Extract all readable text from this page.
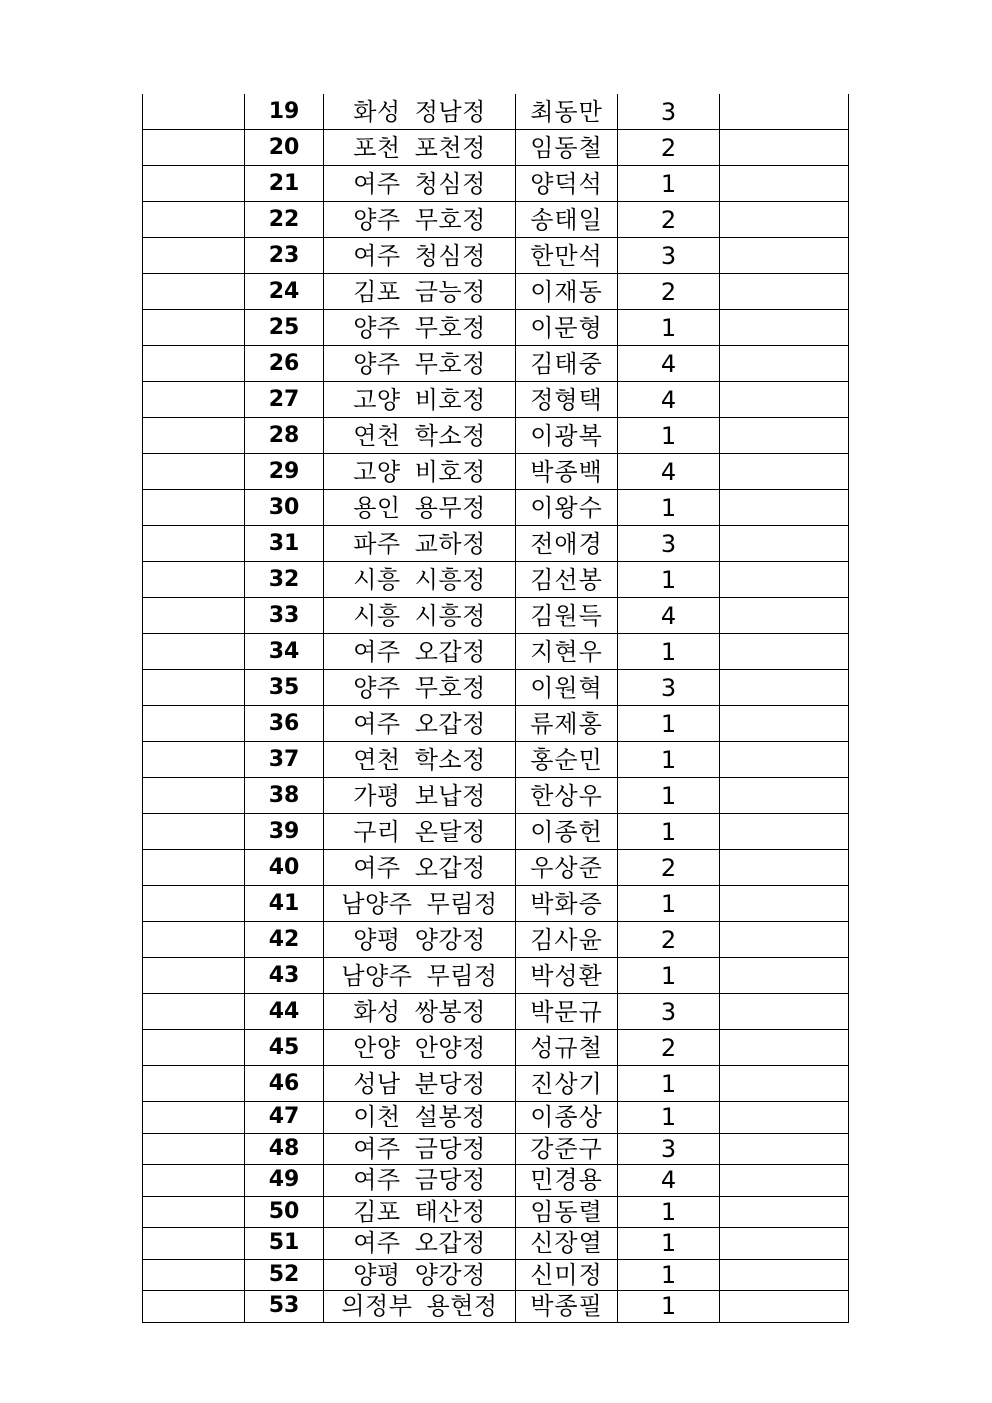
	19	화성 정남정	최동만	3	
	20	포천 포천정	임동철	2	
	21	여주 청심정	양덕석	1	
	22	양주 무호정	송태일	2	
	23	여주 청심정	한만석	3	
	24	김포 금능정	이재동	2	
	25	양주 무호정	이문형	1	
	26	양주 무호정	김태중	4	
	27	고양 비호정	정형택	4	
	28	연천 학소정	이광복	1	
	29	고양 비호정	박종백	4	
	30	용인 용무정	이왕수	1	
	31	파주 교하정	전애경	3	
	32	시흥 시흥정	김선봉	1	
	33	시흥 시흥정	김원득	4	
	34	여주 오갑정	지현우	1	
	35	양주 무호정	이원혁	3	
	36	여주 오갑정	류제홍	1	
	37	연천 학소정	홍순민	1	
	38	가평 보납정	한상우	1	
	39	구리 온달정	이종헌	1	
	40	여주 오갑정	우상준	2	
	41	남양주 무림정	박화증	1	
	42	양평 양강정	김사윤	2	
	43	남양주 무림정	박성환	1	
	44	화성 쌍봉정	박문규	3	
	45	안양 안양정	성규철	2	
	46	성남 분당정	진상기	1	
	47	이천 설봉정	이종상	1	
	48	여주 금당정	강준구	3	
	49	여주 금당정	민경용	4	
	50	김포 태산정	임동렬	1	
	51	여주 오갑정	신장열	1	
	52	양평 양강정	신미정	1	
	53	의정부 용현정	박종필	1	
